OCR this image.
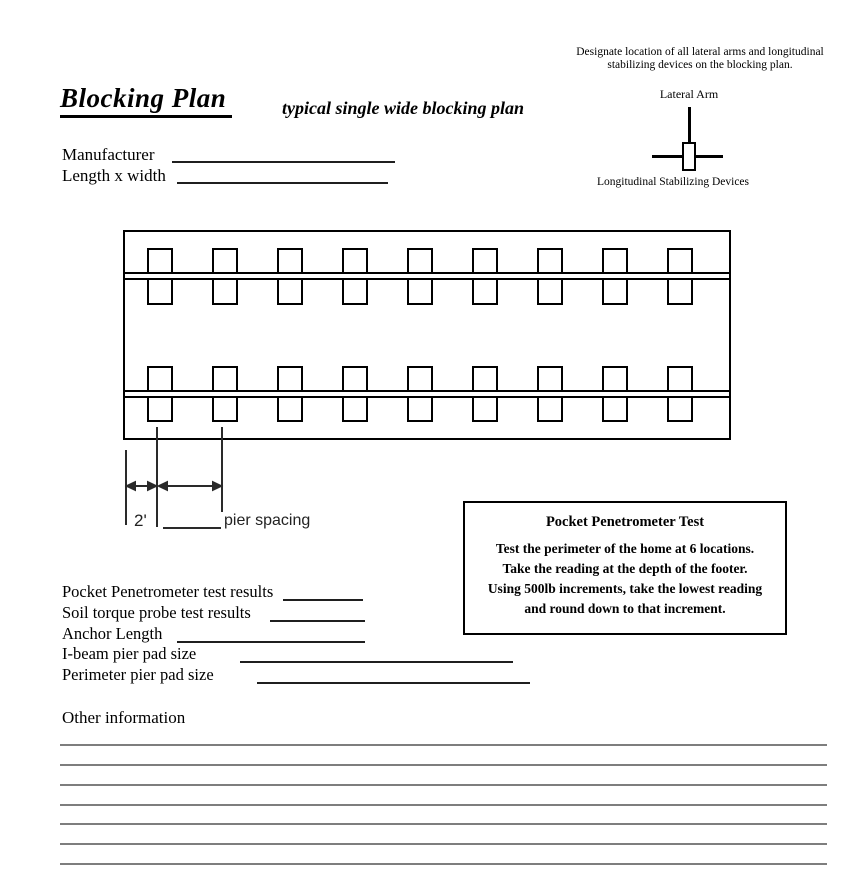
Designate location of all lateral arms and longitudinal
stabilizing devices on the blocking plan.
Lateral Arm
Longitudinal Stabilizing Devices
Blocking Plan	typical single wide blocking plan
Manufacturer
Length x width
2'	pier spacing	Pocket Penetrometer Test
Test the perimeter of the home at 6 locations.
Take the reading at the depth of the footer.
Using 500lb increments, take the lowest reading
and round down to that increment.
Pocket Penetrometer test results
Soil torque probe test results
Anchor Length
I-beam pier pad size
Perimeter pier pad size
Other information
